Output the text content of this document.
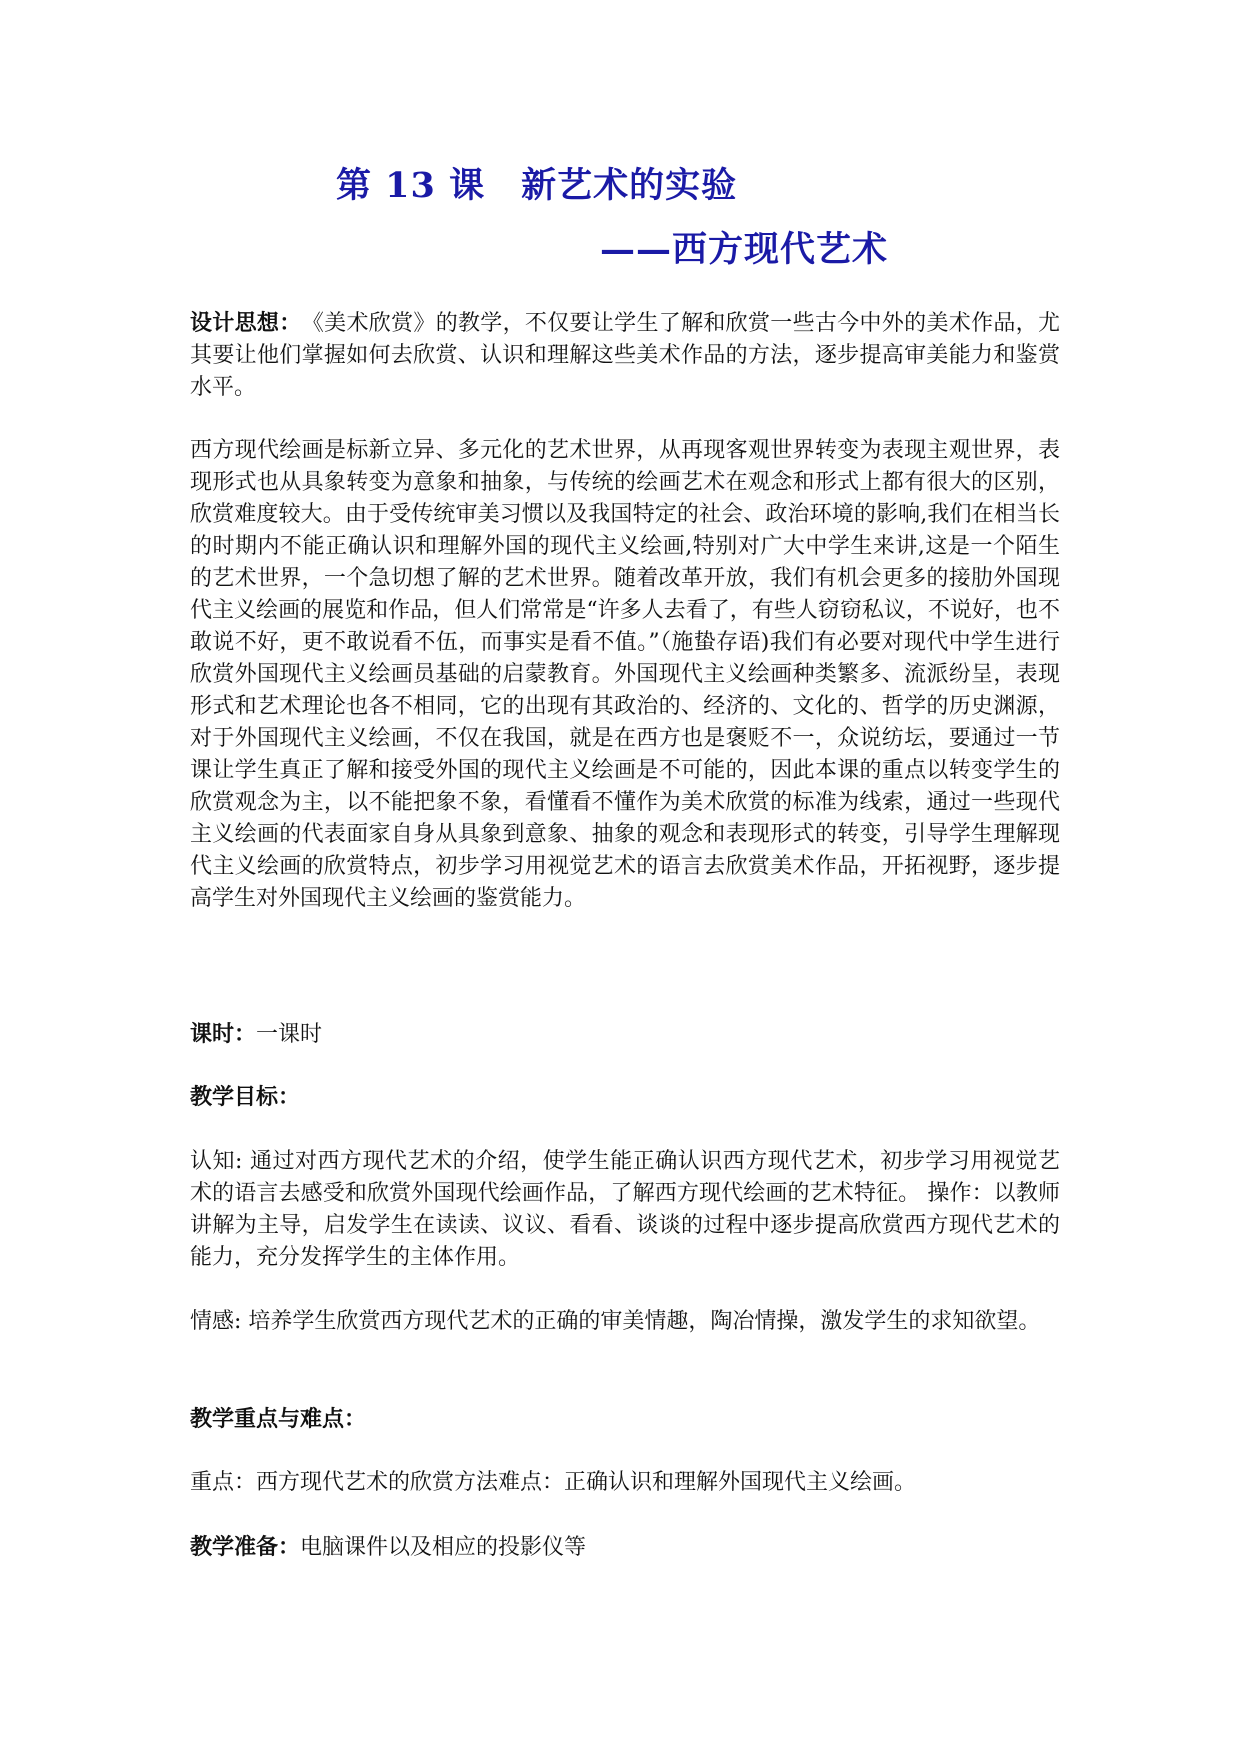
第 13 课　新艺术的实验
——西方现代艺术
设计思想：　《美术欣赏》的教学，不仅要让学生了解和欣赏一些古今中外的美术作品，尤其要让他们掌握如何去欣赏、认识和理解这些美术作品的方法，逐步提高审美能力和鉴赏水平。
西方现代绘画是标新立异、多元化的艺术世界，从再现客观世界转变为表现主观世界，表现形式也从具象转变为意象和抽象，与传统的绘画艺术在观念和形式上都有很大的区别，欣赏难度较大。由于受传统审美习惯以及我国特定的社会、政治环境的影响,我们在相当长的时期内不能正确认识和理解外国的现代主义绘画,特别对广大中学生来讲,这是一个陌生的艺术世界，一个急切想了解的艺术世界。随着改革开放，我们有机会更多的接肋外国现代主义绘画的展览和作品，但人们常常是“许多人去看了，有些人窃窃私议，不说好，也不敢说不好，更不敢说看不伍，而事实是看不值。”（施蛰存语)我们有必要对现代中学生进行欣赏外国现代主义绘画员基础的启蒙教育。外国现代主义绘画种类繁多、流派纷呈，表现形式和艺术理论也各不相同，它的出现有其政治的、经济的、文化的、哲学的历史渊源，对于外国现代主义绘画，不仅在我国，就是在西方也是褒贬不一，众说纺坛，要通过一节课让学生真正了解和接受外国的现代主义绘画是不可能的，因此本课的重点以转变学生的欣赏观念为主，以不能把象不象，看懂看不懂作为美术欣赏的标准为线索，通过一些现代主义绘画的代表面家自身从具象到意象、抽象的观念和表现形式的转变，引导学生理解现代主义绘画的欣赏特点，初步学习用视觉艺术的语言去欣赏美术作品，开拓视野，逐步提高学生对外国现代主义绘画的鉴赏能力。
课时：一课时
教学目标：
认知: 通过对西方现代艺术的介绍，使学生能正确认识西方现代艺术，初步学习用视觉艺术的语言去感受和欣赏外国现代绘画作品，了解西方现代绘画的艺术特征。 操作：以教师讲解为主导，启发学生在读读、议议、看看、谈谈的过程中逐步提高欣赏西方现代艺术的能力，充分发挥学生的主体作用。
情感: 培养学生欣赏西方现代艺术的正确的审美情趣，陶冶情操，激发学生的求知欲望。
教学重点与难点：
重点：西方现代艺术的欣赏方法难点：正确认识和理解外国现代主义绘画。
教学准备：电脑课件以及相应的投影仪等
